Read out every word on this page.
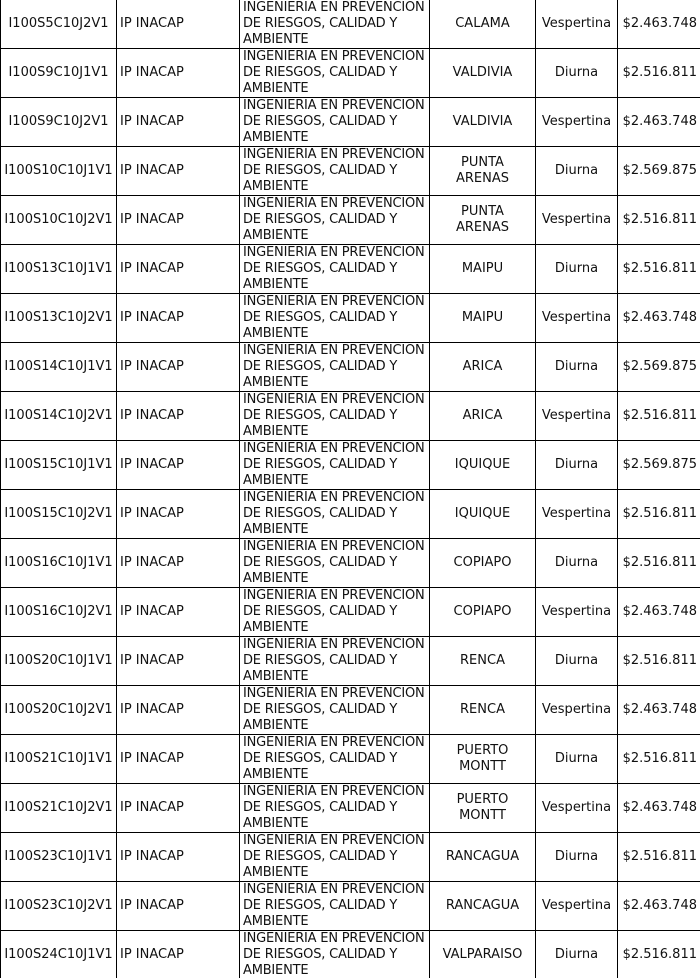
I100S5C10J2V1	IP INACAP	INGENIERIA EN PREVENCION DE RIESGOS, CALIDAD Y AMBIENTE	CALAMA	Vespertina	$2.463.748
I100S9C10J1V1	IP INACAP	INGENIERIA EN PREVENCION DE RIESGOS, CALIDAD Y AMBIENTE	VALDIVIA	Diurna	$2.516.811
I100S9C10J2V1	IP INACAP	INGENIERIA EN PREVENCION DE RIESGOS, CALIDAD Y AMBIENTE	VALDIVIA	Vespertina	$2.463.748
I100S10C10J1V1	IP INACAP	INGENIERIA EN PREVENCION DE RIESGOS, CALIDAD Y AMBIENTE	PUNTA ARENAS	Diurna	$2.569.875
I100S10C10J2V1	IP INACAP	INGENIERIA EN PREVENCION DE RIESGOS, CALIDAD Y AMBIENTE	PUNTA ARENAS	Vespertina	$2.516.811
I100S13C10J1V1	IP INACAP	INGENIERIA EN PREVENCION DE RIESGOS, CALIDAD Y AMBIENTE	MAIPU	Diurna	$2.516.811
I100S13C10J2V1	IP INACAP	INGENIERIA EN PREVENCION DE RIESGOS, CALIDAD Y AMBIENTE	MAIPU	Vespertina	$2.463.748
I100S14C10J1V1	IP INACAP	INGENIERIA EN PREVENCION DE RIESGOS, CALIDAD Y AMBIENTE	ARICA	Diurna	$2.569.875
I100S14C10J2V1	IP INACAP	INGENIERIA EN PREVENCION DE RIESGOS, CALIDAD Y AMBIENTE	ARICA	Vespertina	$2.516.811
I100S15C10J1V1	IP INACAP	INGENIERIA EN PREVENCION DE RIESGOS, CALIDAD Y AMBIENTE	IQUIQUE	Diurna	$2.569.875
I100S15C10J2V1	IP INACAP	INGENIERIA EN PREVENCION DE RIESGOS, CALIDAD Y AMBIENTE	IQUIQUE	Vespertina	$2.516.811
I100S16C10J1V1	IP INACAP	INGENIERIA EN PREVENCION DE RIESGOS, CALIDAD Y AMBIENTE	COPIAPO	Diurna	$2.516.811
I100S16C10J2V1	IP INACAP	INGENIERIA EN PREVENCION DE RIESGOS, CALIDAD Y AMBIENTE	COPIAPO	Vespertina	$2.463.748
I100S20C10J1V1	IP INACAP	INGENIERIA EN PREVENCION DE RIESGOS, CALIDAD Y AMBIENTE	RENCA	Diurna	$2.516.811
I100S20C10J2V1	IP INACAP	INGENIERIA EN PREVENCION DE RIESGOS, CALIDAD Y AMBIENTE	RENCA	Vespertina	$2.463.748
I100S21C10J1V1	IP INACAP	INGENIERIA EN PREVENCION DE RIESGOS, CALIDAD Y AMBIENTE	PUERTO MONTT	Diurna	$2.516.811
I100S21C10J2V1	IP INACAP	INGENIERIA EN PREVENCION DE RIESGOS, CALIDAD Y AMBIENTE	PUERTO MONTT	Vespertina	$2.463.748
I100S23C10J1V1	IP INACAP	INGENIERIA EN PREVENCION DE RIESGOS, CALIDAD Y AMBIENTE	RANCAGUA	Diurna	$2.516.811
I100S23C10J2V1	IP INACAP	INGENIERIA EN PREVENCION DE RIESGOS, CALIDAD Y AMBIENTE	RANCAGUA	Vespertina	$2.463.748
I100S24C10J1V1	IP INACAP	INGENIERIA EN PREVENCION DE RIESGOS, CALIDAD Y AMBIENTE	VALPARAISO	Diurna	$2.516.811
